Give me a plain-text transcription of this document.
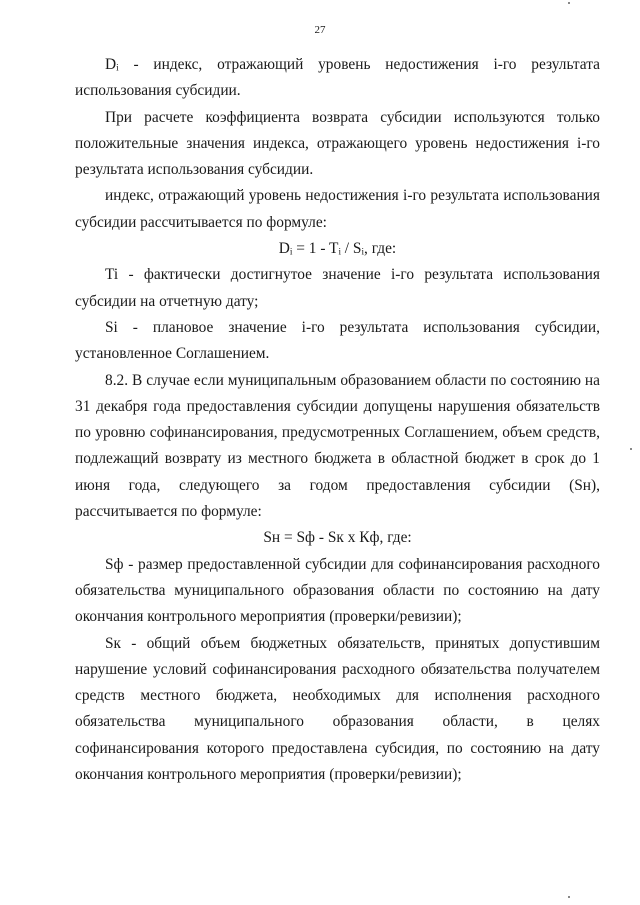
27

Dᵢ - индекс, отражающий уровень недостижения i-го результата использования субсидии.

При расчете коэффициента возврата субсидии используются только положительные значения индекса, отражающего уровень недостижения i-го результата использования субсидии.

индекс, отражающий уровень недостижения i-го результата использования субсидии рассчитывается по формуле:

Dᵢ = 1 - Tᵢ / Sᵢ, где:

Ti - фактически достигнутое значение i-го результата использования субсидии на отчетную дату;

Si - плановое значение i-го результата использования субсидии, установленное Соглашением.

8.2. В случае если муниципальным образованием области по состоянию на 31 декабря года предоставления субсидии допущены нарушения обязательств по уровню софинансирования, предусмотренных Соглашением, объем средств, подлежащий возврату из местного бюджета в областной бюджет в срок до 1 июня года, следующего за годом предоставления субсидии (Sн), рассчитывается по формуле:

Sн = Sф - Sк x Кф, где:

Sф - размер предоставленной субсидии для софинансирования расходного обязательства муниципального образования области по состоянию на дату окончания контрольного мероприятия (проверки/ревизии);

Sк - общий объем бюджетных обязательств, принятых допустившим нарушение условий софинансирования расходного обязательства получателем средств местного бюджета, необходимых для исполнения расходного обязательства муниципального образования области, в целях софинансирования которого предоставлена субсидия, по состоянию на дату окончания контрольного мероприятия (проверки/ревизии);
